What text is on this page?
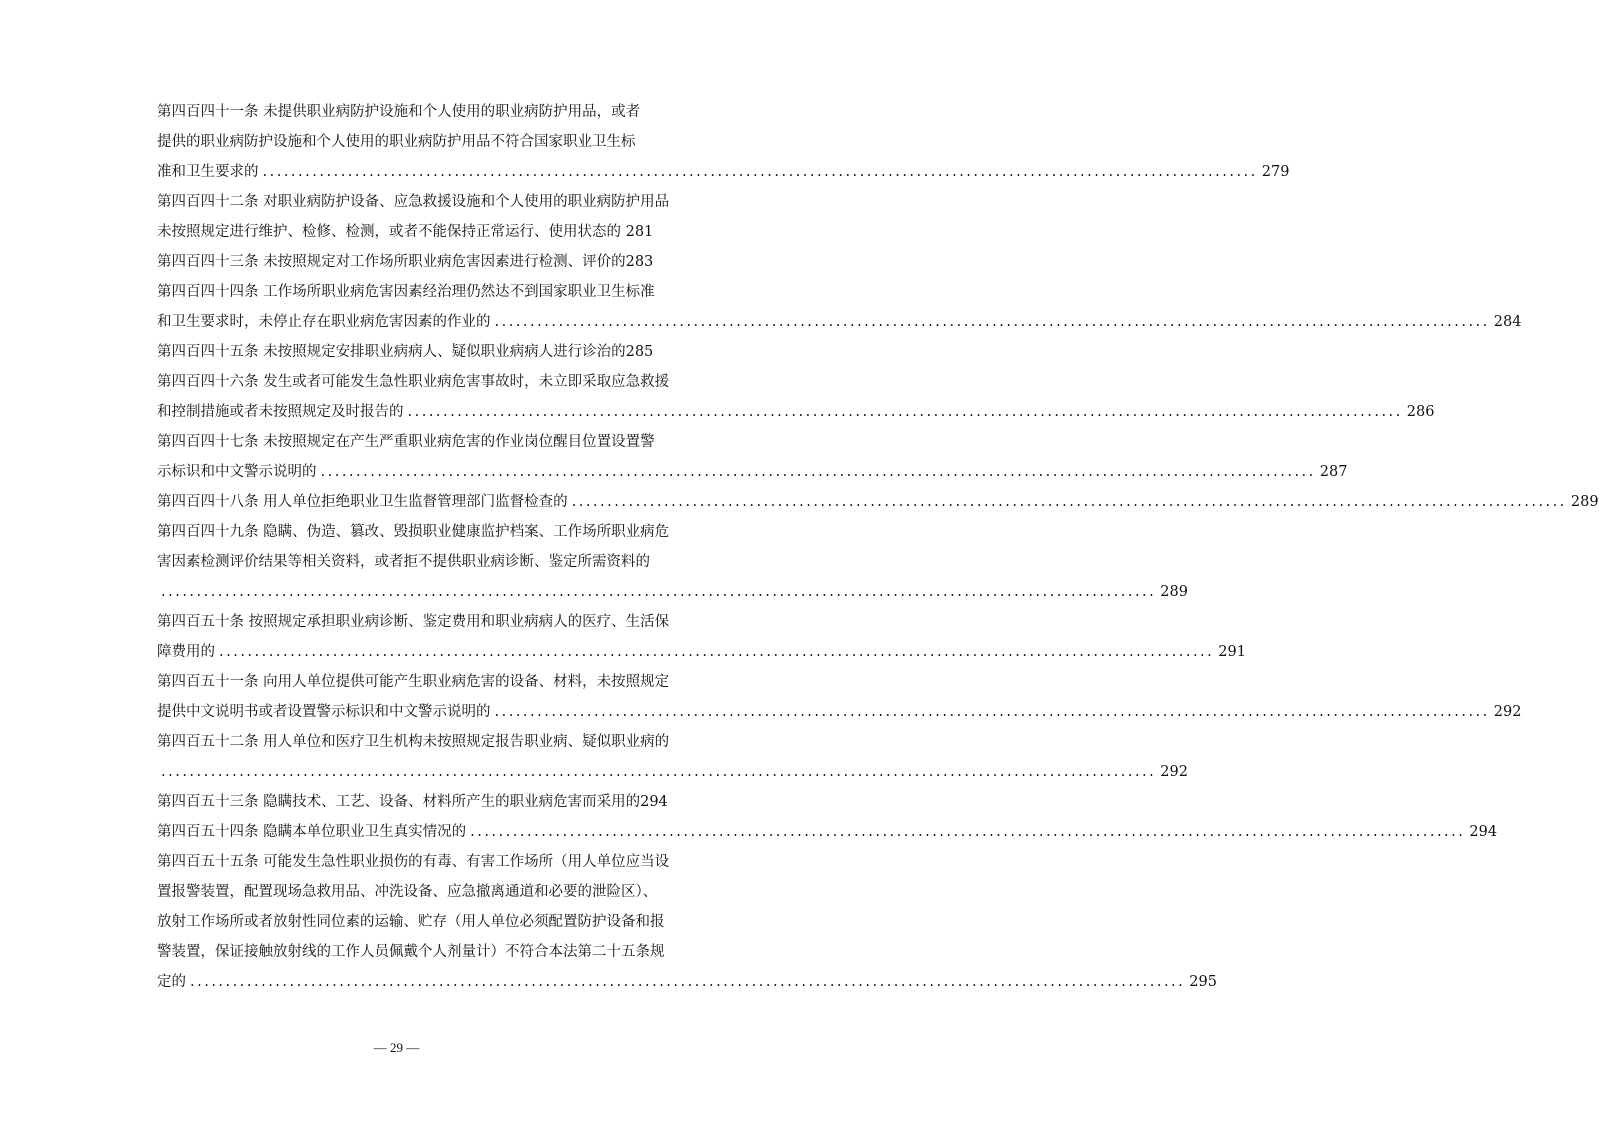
第四百四十一条 未提供职业病防护设施和个人使用的职业病防护用品，或者
提供的职业病防护设施和个人使用的职业病防护用品不符合国家职业卫生标
准和卫生要求的 ............................................................................................................................................ 279
第四百四十二条 对职业病防护设备、应急救援设施和个人使用的职业病防护用品
未按照规定进行维护、检修、检测，或者不能保持正常运行、使用状态的 281
第四百四十三条 未按照规定对工作场所职业病危害因素进行检测、评价的283
第四百四十四条 工作场所职业病危害因素经治理仍然达不到国家职业卫生标准
和卫生要求时，未停止存在职业病危害因素的作业的 ............................................................................................................................................ 284
第四百四十五条 未按照规定安排职业病病人、疑似职业病病人进行诊治的285
第四百四十六条 发生或者可能发生急性职业病危害事故时，未立即采取应急救援
和控制措施或者未按照规定及时报告的 ............................................................................................................................................ 286
第四百四十七条 未按照规定在产生严重职业病危害的作业岗位醒目位置设置警
示标识和中文警示说明的 ............................................................................................................................................ 287
第四百四十八条 用人单位拒绝职业卫生监督管理部门监督检查的 ............................................................................................................................................ 289
第四百四十九条 隐瞒、伪造、篡改、毁损职业健康监护档案、工作场所职业病危
害因素检测评价结果等相关资料，或者拒不提供职业病诊断、鉴定所需资料的
............................................................................................................................................ 289
第四百五十条 按照规定承担职业病诊断、鉴定费用和职业病病人的医疗、生活保
障费用的 ............................................................................................................................................ 291
第四百五十一条 向用人单位提供可能产生职业病危害的设备、材料，未按照规定
提供中文说明书或者设置警示标识和中文警示说明的 ............................................................................................................................................ 292
第四百五十二条 用人单位和医疗卫生机构未按照规定报告职业病、疑似职业病的
............................................................................................................................................ 292
第四百五十三条 隐瞒技术、工艺、设备、材料所产生的职业病危害而采用的294
第四百五十四条 隐瞒本单位职业卫生真实情况的 ............................................................................................................................................ 294
第四百五十五条 可能发生急性职业损伤的有毒、有害工作场所（用人单位应当设
置报警装置，配置现场急救用品、冲洗设备、应急撤离通道和必要的泄险区）、
放射工作场所或者放射性同位素的运输、贮存（用人单位必须配置防护设备和报
警装置，保证接触放射线的工作人员佩戴个人剂量计）不符合本法第二十五条规
定的 ............................................................................................................................................ 295
— 29 —
